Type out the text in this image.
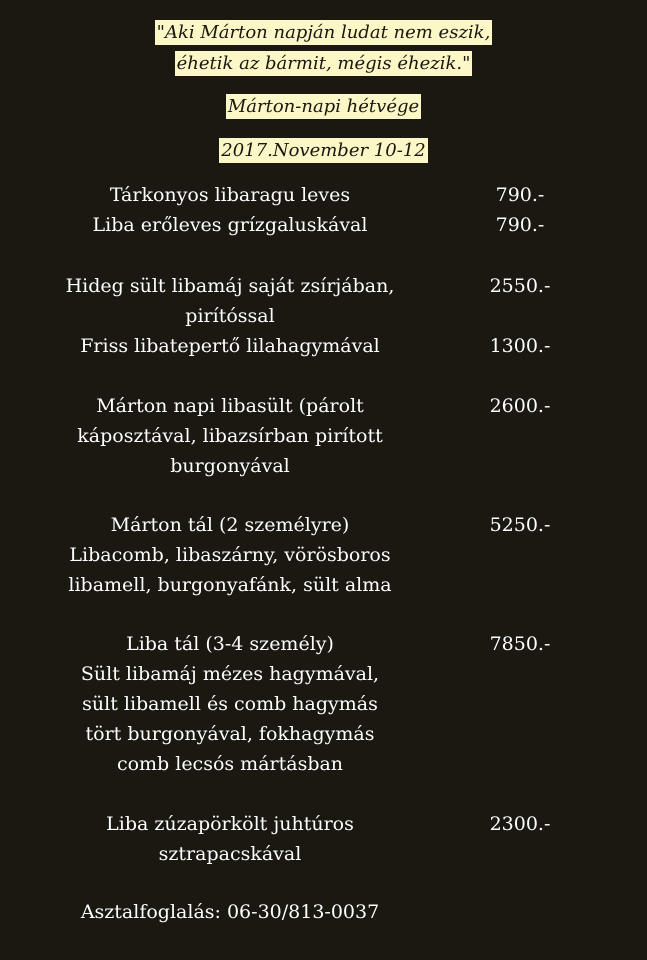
"Aki Márton napján ludat nem eszik,
éhetik az bármit, mégis éhezik."
Márton-napi hétvége
2017.November 10-12
Tárkonyos libaragu leves	790.-
Liba erőleves grízgaluskával	790.-
Hideg sült libamáj saját zsírjában,
pirítóssal
2550.-
Friss libatepertő lilahagymával	1300.-
Márton napi libasült (párolt
káposztával, libazsírban pirított
burgonyával
2600.-
Márton tál (2 személyre)
Libacomb, libaszárny, vörösboros
libamell, burgonyafánk, sült alma
5250.-
Liba tál (3-4 személy)
Sült libamáj mézes hagymával,
sült libamell és comb hagymás
tört burgonyával, fokhagymás
comb lecsós mártásban
7850.-
Liba zúzapörkölt juhtúros
sztrapacskával
2300.-
Asztalfoglalás: 06-30/813-0037
